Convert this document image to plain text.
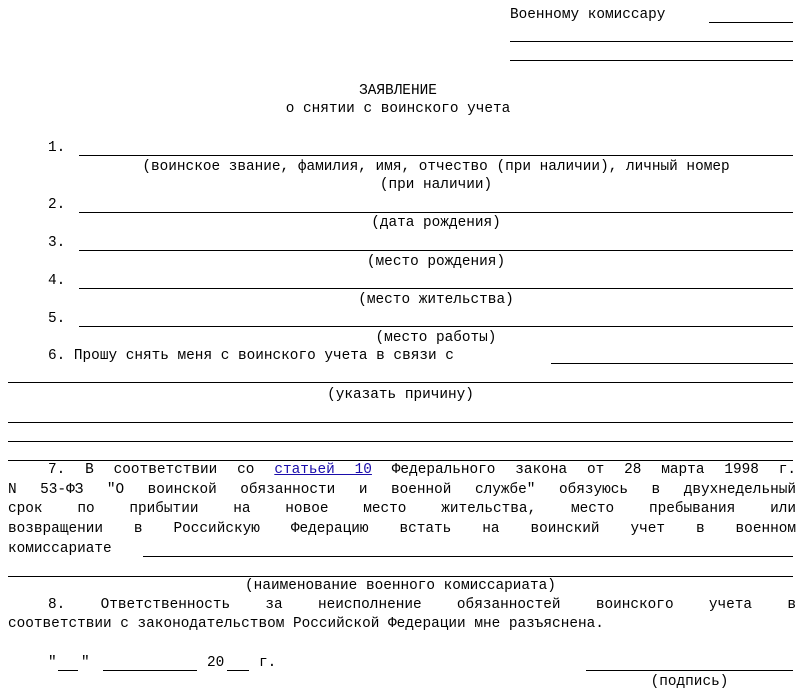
Военному комиссару
ЗАЯВЛЕНИЕ
о снятии с воинского учета
1.
(воинское звание, фамилия, имя, отчество (при наличии), личный номер
(при наличии)
2.
(дата рождения)
3.
(место рождения)
4.
(место жительства)
5.
(место работы)
6. Прошу снять меня с воинского учета в связи с
(указать причину)
7. В соответствии со статьей 10 Федерального закона от 28 марта 1998 г.
N 53-ФЗ "О воинской обязанности и военной службе" обязуюсь в двухнедельный
срок по прибытии на новое место жительства, место пребывания или
возвращении в Российскую Федерацию встать на воинский учет в военном
комиссариате
(наименование военного комиссариата)
8. Ответственность за неисполнение обязанностей воинского учета в
соответствии с законодательством Российской Федерации мне разъяснена.
" "	20 г.
(подпись)
